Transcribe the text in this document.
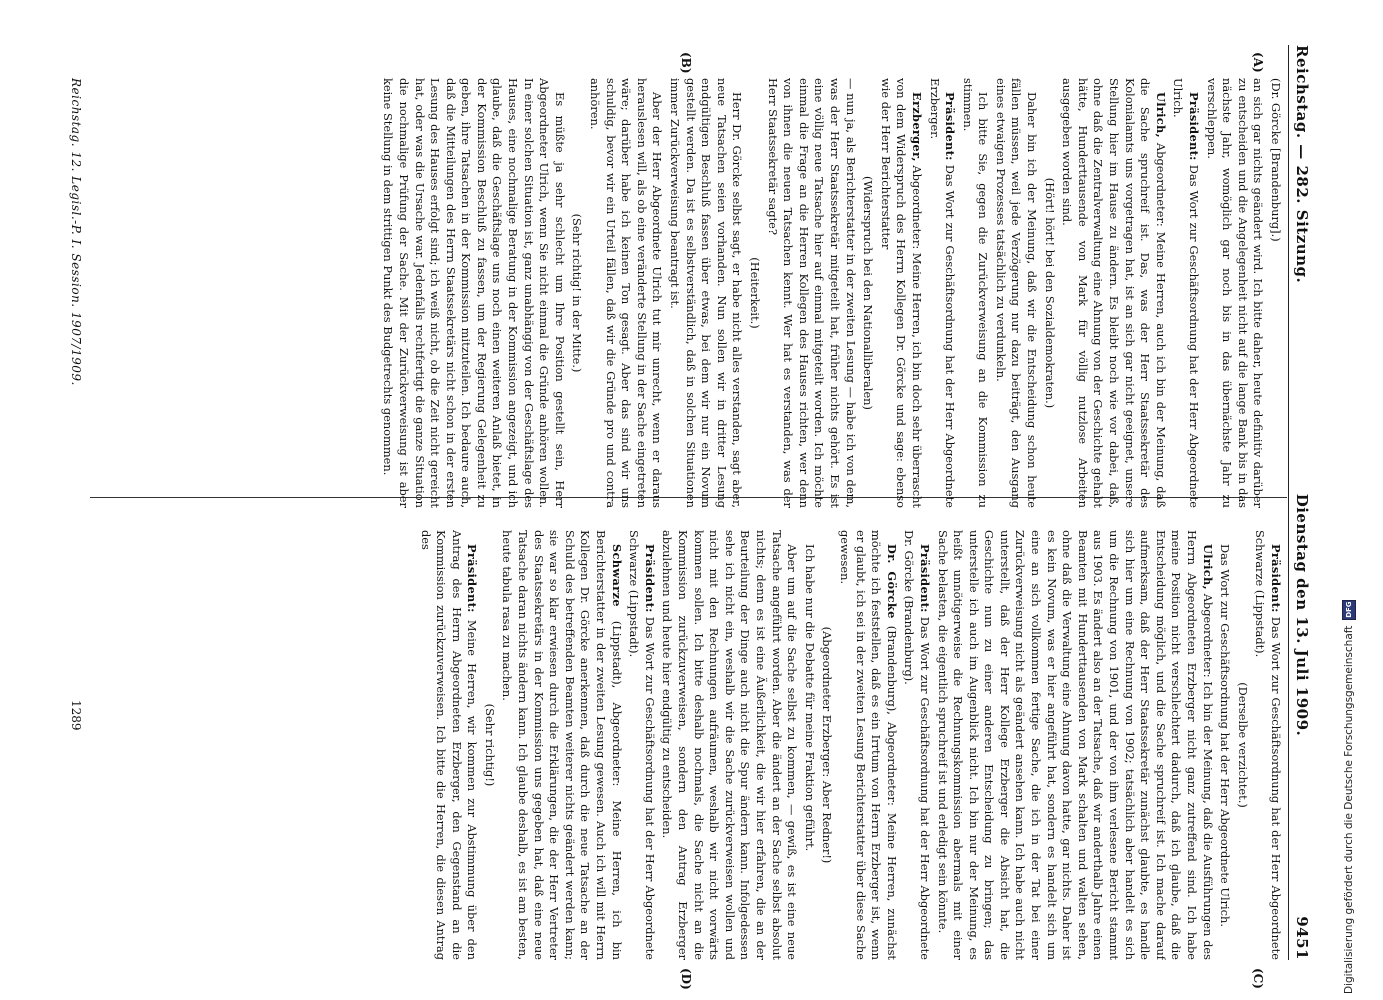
Reichstag. — 282. Sitzung.
Dienstag den 13. Juli 1909.
9451
(A)
(B)
(C)
(D)

(Dr. Görcke [Brandenburg].)

an sich gar nichts geändert wird. Ich bitte daher, heute definitiv darüber zu entscheiden und die Angelegenheit nicht auf die lange Bank bis in das nächste Jahr, womöglich gar noch bis in das übernächste Jahr zu verschleppen.

Präsident: Das Wort zur Geschäftsordnung hat der Herr Abgeordnete Ulrich.

Ulrich, Abgeordneter: Meine Herren, auch ich bin der Meinung, daß die Sache spruchreif ist. Das, was der Herr Staatssekretär des Kolonialamts uns vorgetragen hat, ist an sich gar nicht geeignet, unsere Stellung hier im Hause zu ändern. Es bleibt noch wie vor dabei, daß, ohne daß die Zentralverwaltung eine Ahnung von der Geschichte gehabt hätte, Hunderttausende von Mark für völlig nutzlose Arbeiten ausgegeben worden sind.

(Hört! hört! bei den Sozialdemokraten.)

Daher bin ich der Meinung, daß wir die Entscheidung schon heute fällen müssen, weil jede Verzögerung nur dazu beiträgt, den Ausgang eines etwaigen Prozesses tatsächlich zu verdunkeln.

Ich bitte Sie, gegen die Zurückverweisung an die Kommission zu stimmen.

Präsident: Das Wort zur Geschäftsordnung hat der Herr Abgeordnete Erzberger.

Erzberger, Abgeordneter: Meine Herren, ich bin doch sehr überrascht von dem Widerspruch des Herrn Kollegen Dr. Görcke und sage: ebenso wie der Herr Berichterstatter

(Widerspruch bei den Nationalliberalen)

— nun ja, als Berichterstatter in der zweiten Lesung — habe ich von dem, was der Herr Staatssekretär mitgeteilt hat, früher nichts gehört. Es ist eine völlig neue Tatsache hier auf einmal mitgeteilt worden. Ich möchte einmal die Frage an die Herren Kollegen des Hauses richten, wer denn von ihnen die neuen Tatsachen kennt. Wer hat es verstanden, was der Herr Staatssekretär sagte?

(Heiterkeit.)

Herr Dr. Görcke selbst sagt, er habe nicht alles verstanden, sagt aber, neue Tatsachen seien vorhanden. Nun sollen wir in dritter Lesung endgültigen Beschluß fassen über etwas, bei dem wir nur ein Novum gestellt werden. Da ist es selbstverständlich, daß in solchen Situationen immer Zurückverweisung beantragt ist.

Aber der Herr Abgeordnete Ulrich tut mir unrecht, wenn er daraus herauslesen will, als ob eine veränderte Stellung in der Sache eingetreten wäre; darüber habe ich keinen Ton gesagt. Aber das sind wir uns schuldig, bevor wir ein Urteil fällen, daß wir die Gründe pro und contra anhören.

(Sehr richtig! in der Mitte.)

Es müßte ja sehr schlecht um Ihre Position gestellt sein, Herr Abgeordneter Ulrich, wenn Sie nicht einmal die Gründe anhören wollen. In einer solchen Situation ist, ganz unabhängig von der Geschäftslage des Hauses, eine nochmalige Beratung in der Kommission angezeigt, und ich glaube, daß die Geschäftslage uns noch einen weiteren Anlaß bietet, in der Kommission Beschluß zu fassen, um der Regierung Gelegenheit zu geben, ihre Tatsachen in der Kommission mitzuteilen. Ich bedaure auch, daß die Mitteilungen des Herrn Staatssekretärs nicht schon in der ersten Lesung des Hauses erfolgt sind; ich weiß nicht, ob die Zeit nicht gereicht hat, oder was die Ursache war. Jedenfalls rechtfertigt die ganze Situation die nochmalige Prüfung der Sache. Mit der Zurückverweisung ist aber keine Stellung in dem strittigen Punkt des Budgetrechts genommen.

Präsident: Das Wort zur Geschäftsordnung hat der Herr Abgeordnete Schwarze (Lippstadt).

(Derselbe verzichtet.)

Das Wort zur Geschäftsordnung hat der Herr Abgeordnete Ulrich.

Ulrich, Abgeordneter: Ich bin der Meinung, daß die Ausführungen des Herrn Abgeordneten Erzberger nicht ganz zutreffend sind. Ich habe meine Position nicht verschlechtert dadurch, daß ich glaube, daß die Entscheidung möglich, und die Sache spruchreif ist. Ich mache darauf aufmerksam, daß der Herr Staatssekretär zunächst glaubte, es handle sich hier um eine Rechnung von 1902; tatsächlich aber handelt es sich um die Rechnung von 1901, und der von ihm verlesene Bericht stammt aus 1903. Es ändert also an der Tatsache, daß wir anderthalb Jahre einen Beamten mit Hunderttausenden von Mark schalten und walten sehen, ohne daß die Verwaltung eine Ahnung davon hatte, gar nichts. Daher ist es kein Novum, was er hier angeführt hat, sondern es handelt sich um eine an sich vollkommen fertige Sache, die ich in der Tat bei einer Zurückverweisung nicht als geändert ansehen kann. Ich habe auch nicht unterstellt, daß der Herr Kollege Erzberger die Absicht hat, die Geschichte nun zu einer anderen Entscheidung zu bringen; das unterstelle ich auch im Augenblick nicht. Ich bin nur der Meinung, es heißt unnötigerweise die Rechnungskommission abermals mit einer Sache belasten, die eigentlich spruchreif ist und erledigt sein könnte.

Präsident: Das Wort zur Geschäftsordnung hat der Herr Abgeordnete Dr. Görcke (Brandenburg).

Dr. Görcke (Brandenburg), Abgeordneter: Meine Herren, zunächst möchte ich feststellen, daß es ein Irrtum von Herrn Erzberger ist, wenn er glaubt, ich sei in der zweiten Lesung Berichterstatter über diese Sache gewesen.

(Abgeordneter Erzberger: Aber Redner!)

Ich habe nur die Debatte für meine Fraktion geführt.

Aber um auf die Sache selbst zu kommen, — gewiß, es ist eine neue Tatsache angeführt worden. Aber die ändert an der Sache selbst absolut nichts; denn es ist eine Äußerlichkeit, die wir hier erfahren, die an der Beurteilung der Dinge auch nicht die Spur ändern kann. Infolgedessen sehe ich nicht ein, weshalb wir die Sache zurückverweisen wollen und nicht mit den Rechnungen aufräumen, weshalb wir nicht vorwärts kommen sollen. Ich bitte deshalb nochmals, die Sache nicht an die Kommission zurückzuverweisen, sondern den Antrag Erzberger abzulehnen und heute hier endgültig zu entscheiden.

Präsident: Das Wort zur Geschäftsordnung hat der Herr Abgeordnete Schwarze (Lippstadt).

Schwarze (Lippstadt), Abgeordneter: Meine Herren, ich bin Berichterstatter in der zweiten Lesung gewesen. Auch ich will mit Herrn Kollegen Dr. Görcke anerkennen, daß durch die neue Tatsache an der Schuld des betreffenden Beamten weiterer nichts geändert werden kann; sie war so klar erwiesen durch die Erklärungen, die der Herr Vertreter des Staatssekretärs in der Kommission uns gegeben hat, daß eine neue Tatsache daran nichts ändern kann. Ich glaube deshalb, es ist am besten, heute tabula rasa zu machen.

(Sehr richtig!)

Präsident: Meine Herren, wir kommen zur Abstimmung über den Antrag des Herrn Abgeordneten Erzberger, den Gegenstand an die Kommission zurückzuverweisen. Ich bitte die Herren, die diesen Antrag des

Reichstag. 12. Legisl.-P. I. Session. 1907/1909.
1289	Digitalisierung gefördert durch die Deutsche Forschungsgemeinschaft
DFG
